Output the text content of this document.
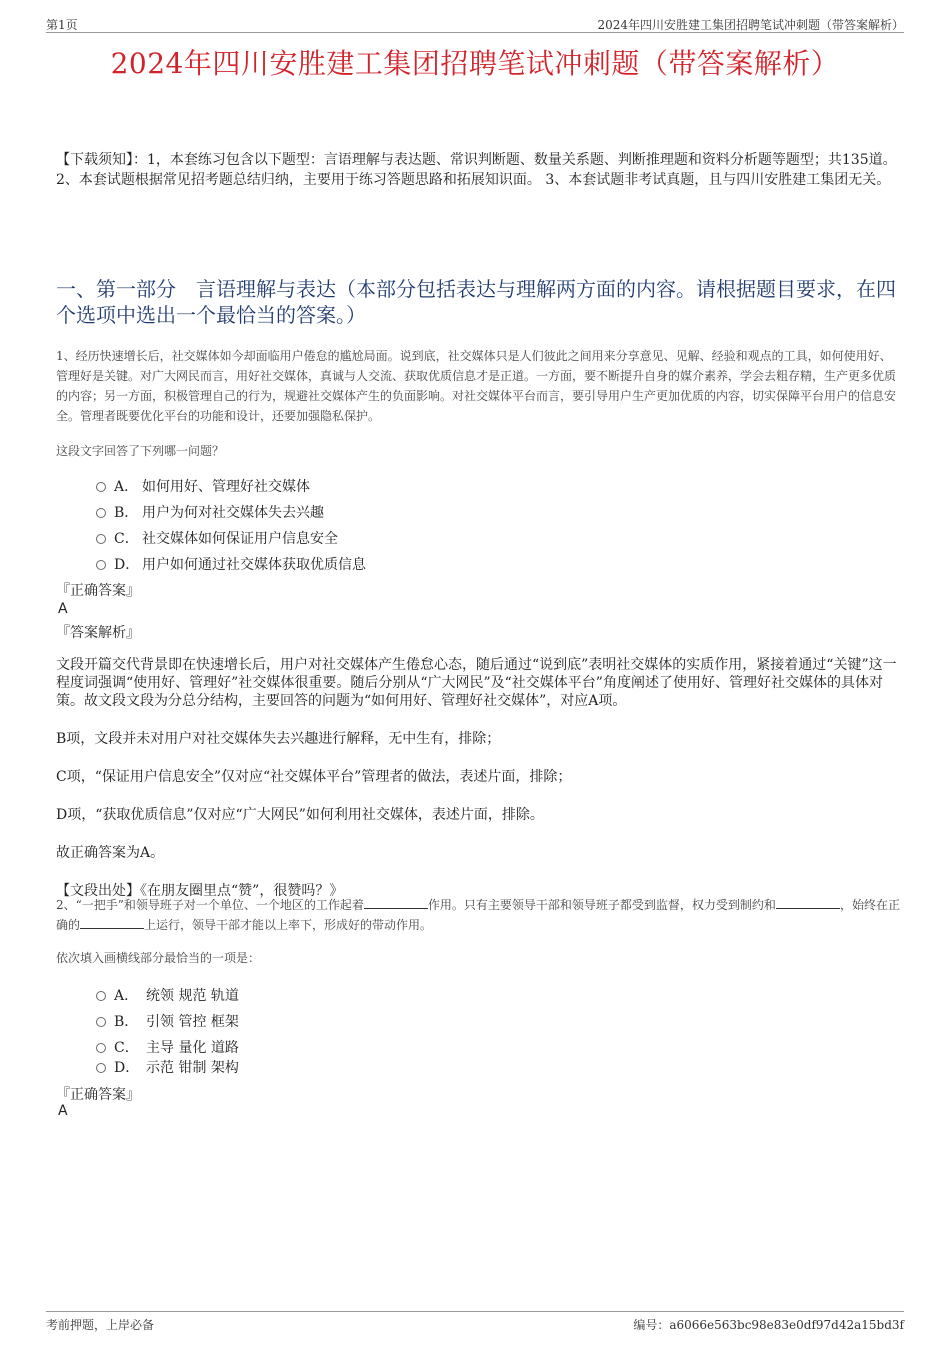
第1页	2024年四川安胜建工集团招聘笔试冲刺题（带答案解析）
2024年四川安胜建工集团招聘笔试冲刺题（带答案解析）
【下载须知】：1，本套练习包含以下题型：言语理解与表达题、常识判断题、数量关系题、判断推理题和资料分析题等题型；共135道。 2、本套试题根据常见招考题总结归纳，主要用于练习答题思路和拓展知识面。 3、本套试题非考试真题，且与四川安胜建工集团无关。
一、第一部分　言语理解与表达（本部分包括表达与理解两方面的内容。请根据题目要求，在四个选项中选出一个最恰当的答案。）

1、经历快速增长后，社交媒体如今却面临用户倦怠的尴尬局面。说到底，社交媒体只是人们彼此之间用来分享意见、见解、经验和观点的工具，如何使用好、管理好是关键。对广大网民而言，用好社交媒体，真诚与人交流、获取优质信息才是正道。一方面，要不断提升自身的媒介素养，学会去粗存精，生产更多优质的内容；另一方面，积极管理自己的行为，规避社交媒体产生的负面影响。对社交媒体平台而言，要引导用户生产更加优质的内容，切实保障平台用户的信息安全。管理者既要优化平台的功能和设计，还要加强隐私保护。

这段文字回答了下列哪一问题？

A． 如何用好、管理好社交媒体
B． 用户为何对社交媒体失去兴趣
C． 社交媒体如何保证用户信息安全
D． 用户如何通过社交媒体获取优质信息
『正确答案』
A
『答案解析』

文段开篇交代背景即在快速增长后，用户对社交媒体产生倦怠心态，随后通过“说到底”表明社交媒体的实质作用，紧接着通过“关键”这一程度词强调“使用好、管理好”社交媒体很重要。随后分别从“广大网民”及“社交媒体平台”角度阐述了使用好、管理好社交媒体的具体对策。故文段文段为分总分结构，主要回答的问题为“如何用好、管理好社交媒体”，对应A项。

B项，文段并未对用户对社交媒体失去兴趣进行解释，无中生有，排除；

C项，“保证用户信息安全”仅对应“社交媒体平台”管理者的做法，表述片面，排除；

D项，“获取优质信息”仅对应“广大网民”如何利用社交媒体，表述片面，排除。

故正确答案为A。

【文段出处】《在朋友圈里点“赞”，很赞吗？》

2、“一把手”和领导班子对一个单位、一个地区的工作起着	作用。只有主要领导干部和领导班子都受到监督，权力受到制约和	，始终在正确的	上运行，领导干部才能以上率下，形成好的带动作用。

依次填入画横线部分最恰当的一项是：

A． 统领 规范 轨道
B． 引领 管控 框架
C． 主导 量化 道路
D． 示范 钳制 架构
『正确答案』
A
考前押题，上岸必备	编号：a6066e563bc98e83e0df97d42a15bd3f
